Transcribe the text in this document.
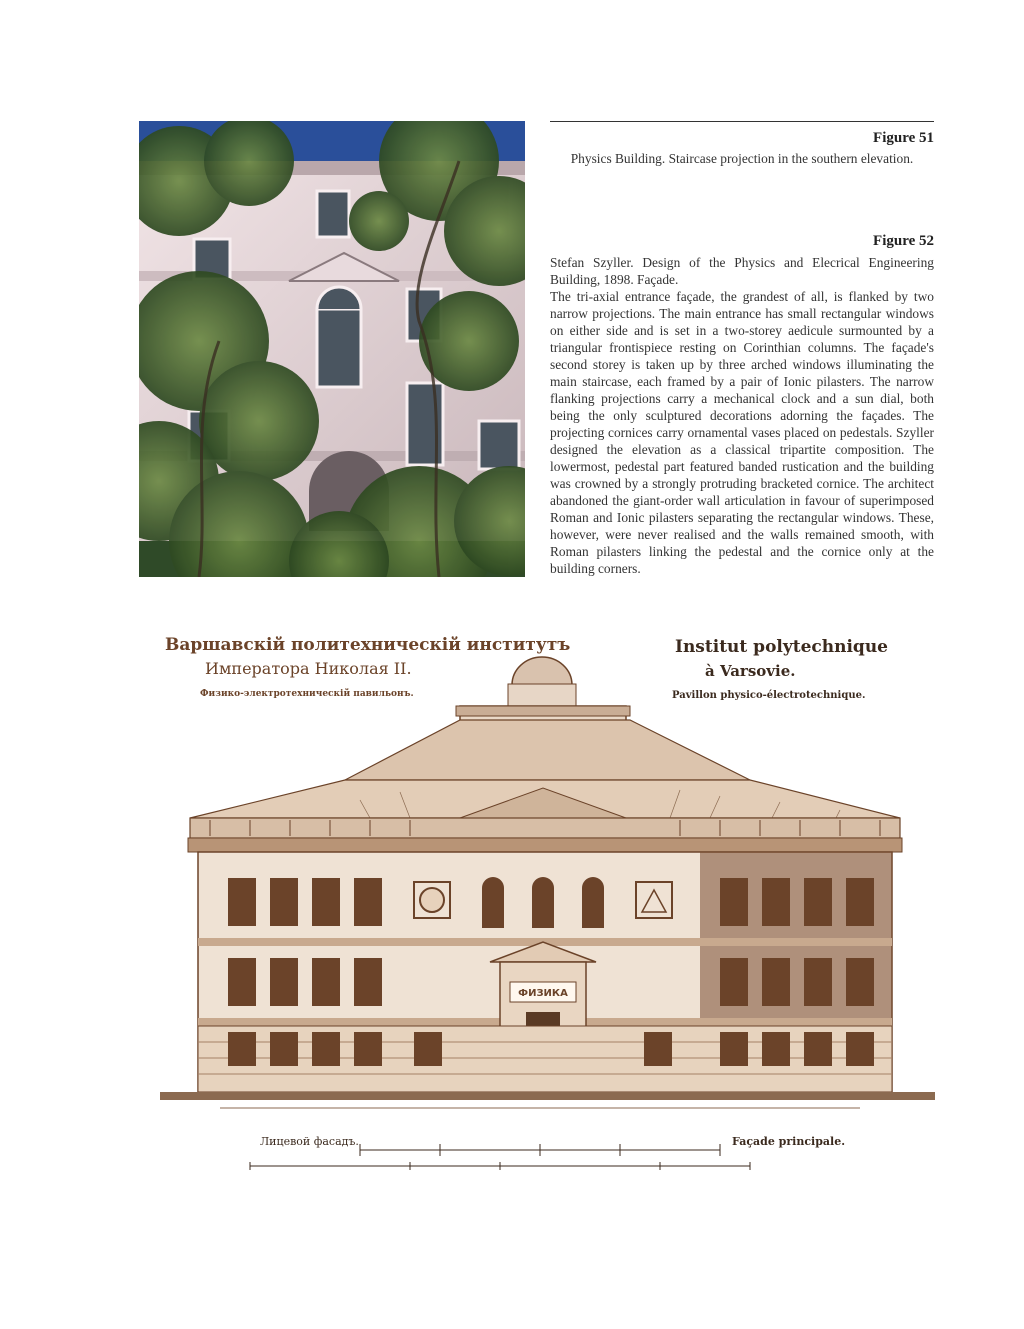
Figure 51
Physics Building. Staircase projection in the southern elevation.
Figure 52

Stefan Szyller. Design of the Physics and Elecrical Engineering Building, 1898. Façade.

The tri-axial entrance façade, the grandest of all, is flanked by two narrow projections. The main entrance has small rectangular windows on either side and is set in a two-storey aedicule surmounted by a triangular frontispiece resting on Corinthian columns. The façade's second storey is taken up by three arched windows illuminating the main staircase, each framed by a pair of Ionic pilasters. The narrow flanking projections carry a mechanical clock and a sun dial, both being the only sculptured decorations adorning the façades. The projecting cornices carry ornamental vases placed on pedestals. Szyller designed the elevation as a classical tripartite composition. The lowermost, pedestal part featured banded rustication and the building was crowned by a strongly protruding bracketed cornice. The architect abandoned the giant-order wall articulation in favour of superimposed Roman and Ionic pilasters separating the rectangular windows. These, however, were never realised and the walls remained smooth, with Roman pilasters linking the pedestal and the cornice only at the building corners.

Варшавскій политехническій институтъ
Императора Николая II.
Физико-электротехническій павильонъ.
Institut polytechnique
à Varsovie.
Pavillon physico-électrotechnique.
ФИЗИКА
Лицевой фасадъ.	Façade principale.
